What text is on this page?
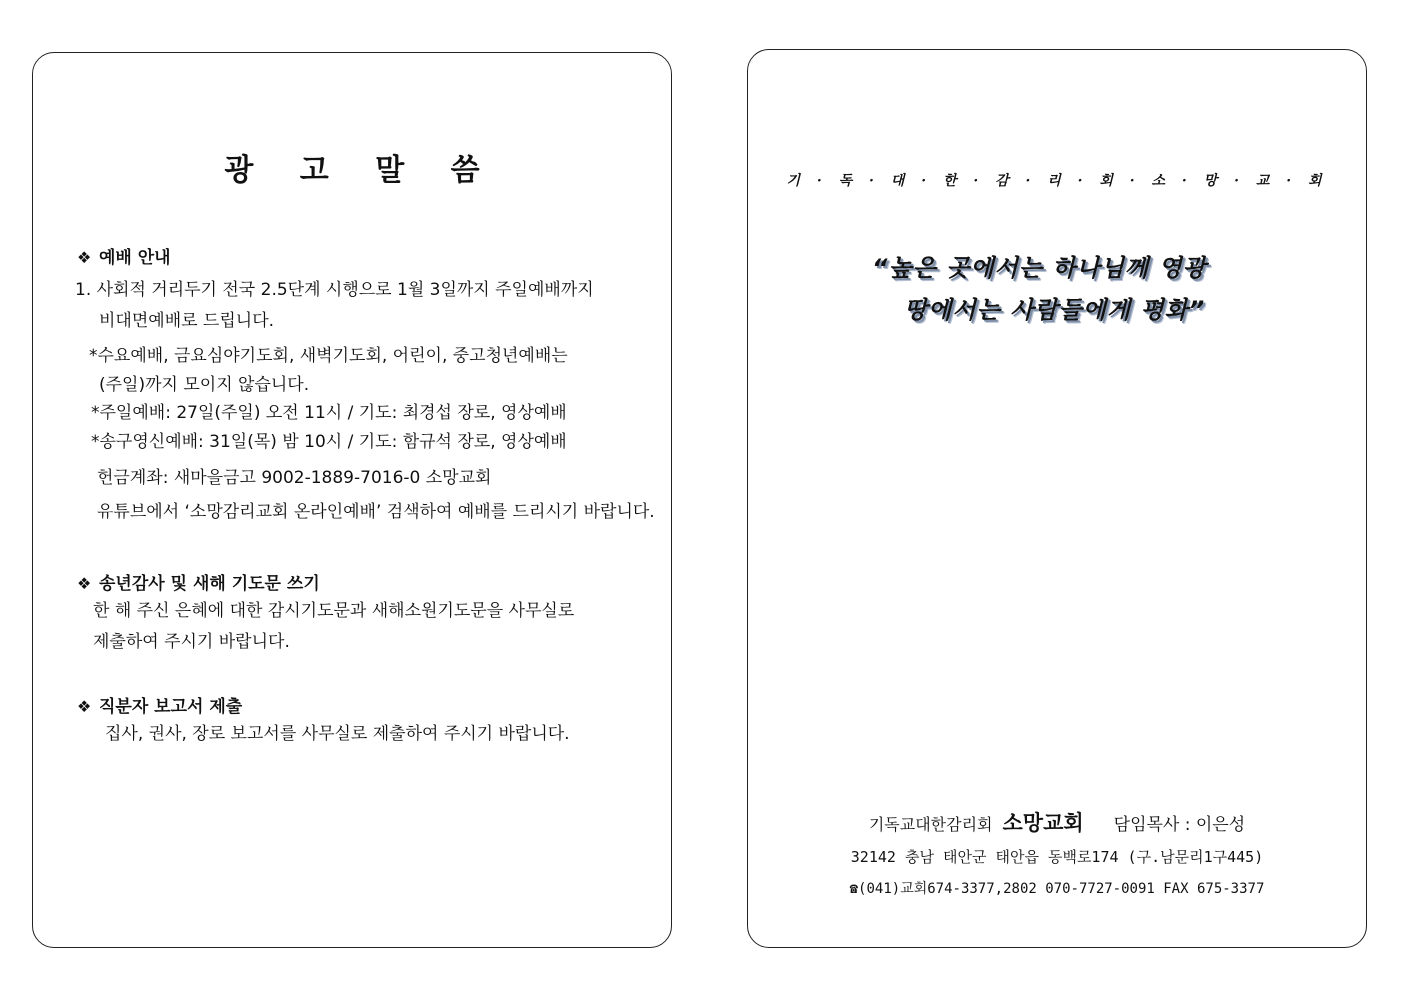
광 고 말 씀
❖ 예배 안내
1. 사회적 거리두기 전국 2.5단계 시행으로 1월 3일까지 주일예배까지
비대면예배로 드립니다.
*수요예배, 금요심야기도회, 새벽기도회, 어린이, 중고청년예배는
(주일)까지 모이지 않습니다.
*주일예배: 27일(주일) 오전 11시 / 기도: 최경섭 장로, 영상예배
*송구영신예배: 31일(목) 밤 10시 / 기도: 함규석 장로, 영상예배
헌금계좌: 새마을금고 9002-1889-7016-0 소망교회
유튜브에서 ‘소망감리교회 온라인예배’ 검색하여 예배를 드리시기 바랍니다.
❖ 송년감사 및 새해 기도문 쓰기
한 해 주신 은혜에 대한 감시기도문과 새해소원기도문을 사무실로
제출하여 주시기 바랍니다.
❖ 직분자 보고서 제출
집사, 권사, 장로 보고서를 사무실로 제출하여 주시기 바랍니다.
기 · 독 · 대 · 한 · 감 · 리 · 회 · 소 · 망 · 교 · 회
“높은 곳에서는 하나님께 영광
땅에서는 사람들에게 평화”
기독교대한감리회 소망교회 담임목사 : 이은성
32142 충남 태안군 태안읍 동백로174 (구.남문리1구445)
☎(041)교회674-3377,2802 070-7727-0091 FAX 675-3377
